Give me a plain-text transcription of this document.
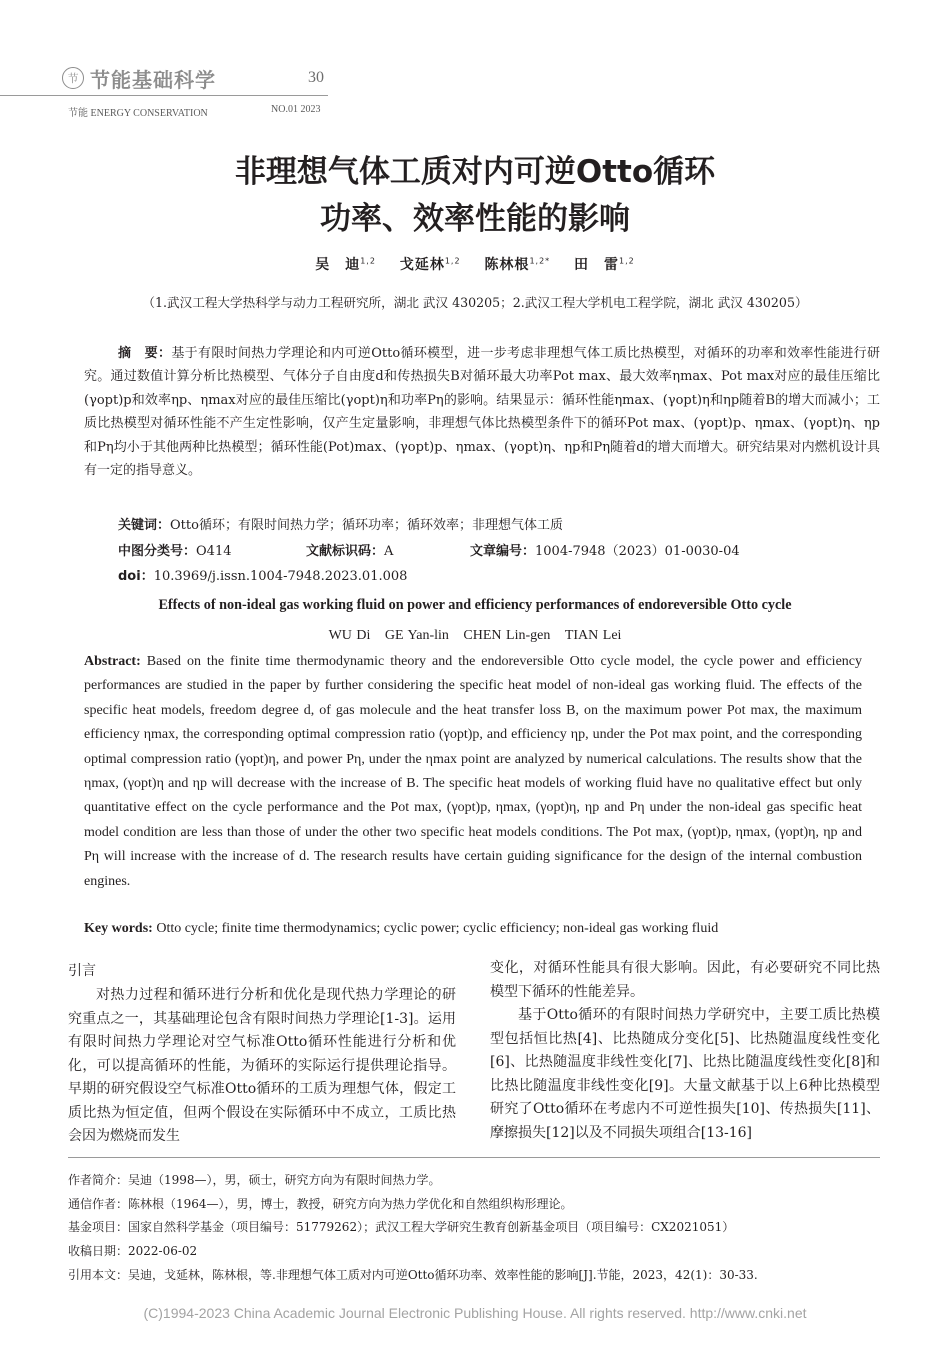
节 节能基础科学	30
节能 ENERGY CONSERVATION	NO.01 2023
非理想气体工质对内可逆Otto循环
功率、效率性能的影响
吴　迪$^{1,2}$ 戈延林$^{1,2}$ 陈林根$^{1,2*}$ 田　雷$^{1,2}$
（1.武汉工程大学热科学与动力工程研究所，湖北 武汉 430205；2.武汉工程大学机电工程学院，湖北 武汉 430205）
摘　要：基于有限时间热力学理论和内可逆Otto循环模型，进一步考虑非理想气体工质比热模型，对循环的功率和效率性能进行研究。通过数值计算分析比热模型、气体分子自由度d和传热损失B对循环最大功率Pot max、最大效率ηmax、Pot max对应的最佳压缩比(γopt)p和效率ηp、ηmax对应的最佳压缩比(γopt)η和功率Pη的影响。结果显示：循环性能ηmax、(γopt)η和ηp随着B的增大而减小；工质比热模型对循环性能不产生定性影响，仅产生定量影响，非理想气体比热模型条件下的循环Pot max、(γopt)p、ηmax、(γopt)η、ηp和Pη均小于其他两种比热模型；循环性能(Pot)max、(γopt)p、ηmax、(γopt)η、ηp和Pη随着d的增大而增大。研究结果对内燃机设计具有一定的指导意义。
关键词：Otto循环；有限时间热力学；循环功率；循环效率；非理想气体工质
中图分类号：O414	文献标识码：A	文章编号：1004-7948（2023）01-0030-04
doi：10.3969/j.issn.1004-7948.2023.01.008
Effects of non-ideal gas working fluid on power and efficiency performances of endoreversible Otto cycle
WU Di GE Yan-lin CHEN Lin-gen TIAN Lei
Abstract: Based on the finite time thermodynamic theory and the endoreversible Otto cycle model, the cycle power and efficiency performances are studied in the paper by further considering the specific heat model of non-ideal gas working fluid. The effects of the specific heat models, freedom degree d, of gas molecule and the heat transfer loss B, on the maximum power Pot max, the maximum efficiency ηmax, the corresponding optimal compression ratio (γopt)p, and efficiency ηp, under the Pot max point, and the corresponding optimal compression ratio (γopt)η, and power Pη, under the ηmax point are analyzed by numerical calculations. The results show that the ηmax, (γopt)η and ηp will decrease with the increase of B. The specific heat models of working fluid have no qualitative effect but only quantitative effect on the cycle performance and the Pot max, (γopt)p, ηmax, (γopt)η, ηp and Pη under the non-ideal gas specific heat model condition are less than those of under the other two specific heat models conditions. The Pot max, (γopt)p, ηmax, (γopt)η, ηp and Pη will increase with the increase of d. The research results have certain guiding significance for the design of the internal combustion engines.
Key words: Otto cycle; finite time thermodynamics; cyclic power; cyclic efficiency; non-ideal gas working fluid
引言
对热力过程和循环进行分析和优化是现代热力学理论的研究重点之一，其基础理论包含有限时间热力学理论[1-3]。运用有限时间热力学理论对空气标准Otto循环性能进行分析和优化，可以提高循环的性能，为循环的实际运行提供理论指导。早期的研究假设空气标准Otto循环的工质为理想气体，假定工质比热为恒定值，但两个假设在实际循环中不成立，工质比热会因为燃烧而发生

变化，对循环性能具有很大影响。因此，有必要研究不同比热模型下循环的性能差异。

基于Otto循环的有限时间热力学研究中，主要工质比热模型包括恒比热[4]、比热随成分变化[5]、比热随温度线性变化[6]、比热随温度非线性变化[7]、比热比随温度线性变化[8]和比热比随温度非线性变化[9]。大量文献基于以上6种比热模型研究了Otto循环在考虑内不可逆性损失[10]、传热损失[11]、摩擦损失[12]以及不同损失项组合[13-16]

作者简介：吴迪（1998—），男，硕士，研究方向为有限时间热力学。
通信作者：陈林根（1964—），男，博士，教授，研究方向为热力学优化和自然组织构形理论。
基金项目：国家自然科学基金（项目编号：51779262）；武汉工程大学研究生教育创新基金项目（项目编号：CX2021051）
收稿日期：2022-06-02
引用本文：吴迪，戈延林，陈林根，等.非理想气体工质对内可逆Otto循环功率、效率性能的影响[J].节能，2023，42(1)：30-33.
(C)1994-2023 China Academic Journal Electronic Publishing House. All rights reserved. http://www.cnki.net
